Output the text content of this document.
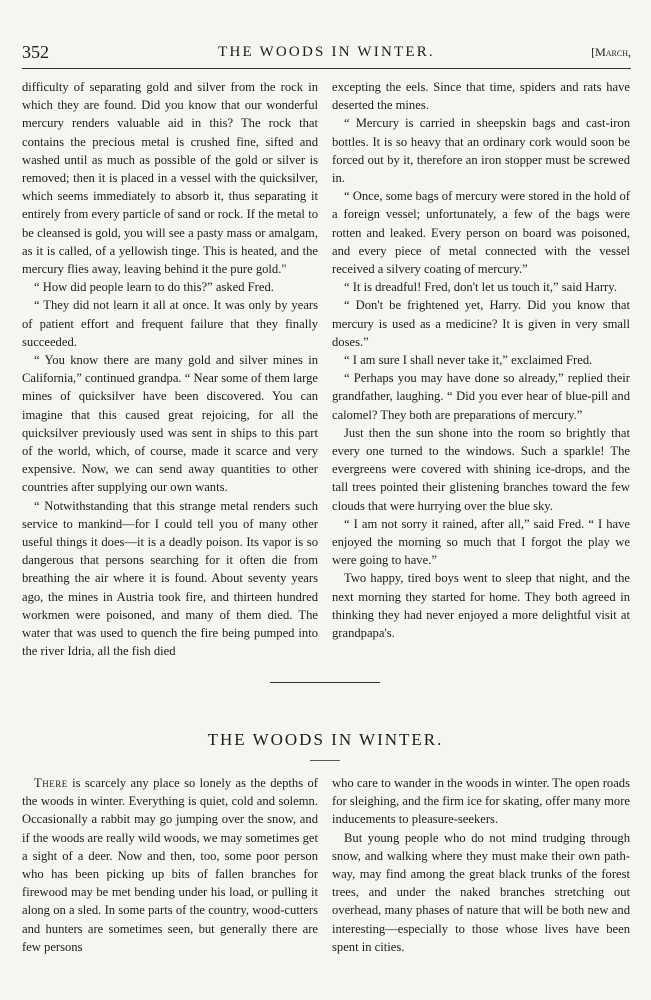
352	THE WOODS IN WINTER.	[March,

difficulty of separating gold and silver from the rock in which they are found. Did you know that our wonderful mercury renders valuable aid in this? The rock that contains the precious metal is crushed fine, sifted and washed until as much as possible of the gold or silver is removed; then it is placed in a vessel with the quicksilver, which seems immediately to absorb it, thus separating it entirely from every particle of sand or rock. If the metal to be cleansed is gold, you will see a pasty mass or amalgam, as it is called, of a yellowish tinge. This is heated, and the mercury flies away, leaving behind it the pure gold."

“ How did people learn to do this?” asked Fred.

“ They did not learn it all at once. It was only by years of patient effort and frequent failure that they finally succeeded.

“ You know there are many gold and silver mines in California,” continued grandpa. “ Near some of them large mines of quicksilver have been discovered. You can imagine that this caused great rejoicing, for all the quicksilver previously used was sent in ships to this part of the world, which, of course, made it scarce and very expensive. Now, we can send away quantities to other countries after supplying our own wants.

“ Notwithstanding that this strange metal renders such service to mankind—for I could tell you of many other useful things it does—it is a deadly poison. Its vapor is so dangerous that persons searching for it often die from breathing the air where it is found. About seventy years ago, the mines in Austria took fire, and thirteen hundred workmen were poisoned, and many of them died. The water that was used to quench the fire being pumped into the river Idria, all the fish died

excepting the eels. Since that time, spiders and rats have deserted the mines.

“ Mercury is carried in sheepskin bags and cast-iron bottles. It is so heavy that an ordinary cork would soon be forced out by it, therefore an iron stopper must be screwed in.

“ Once, some bags of mercury were stored in the hold of a foreign vessel; unfortunately, a few of the bags were rotten and leaked. Every person on board was poisoned, and every piece of metal connected with the vessel received a silvery coating of mercury.”

“ It is dreadful! Fred, don't let us touch it,” said Harry.

“ Don't be frightened yet, Harry. Did you know that mercury is used as a medicine? It is given in very small doses.”

“ I am sure I shall never take it,” exclaimed Fred.

“ Perhaps you may have done so already,” replied their grandfather, laughing. “ Did you ever hear of blue-pill and calomel? They both are preparations of mercury.”

Just then the sun shone into the room so brightly that every one turned to the windows. Such a sparkle! The evergreens were covered with shining ice-drops, and the tall trees pointed their glistening branches toward the few clouds that were hurrying over the blue sky.

“ I am not sorry it rained, after all,” said Fred. “ I have enjoyed the morning so much that I forgot the play we were going to have.”

Two happy, tired boys went to sleep that night, and the next morning they started for home. They both agreed in thinking they had never enjoyed a more delightful visit at grandpapa's.

THE WOODS IN WINTER.

There is scarcely any place so lonely as the depths of the woods in winter. Everything is quiet, cold and solemn. Occasionally a rabbit may go jumping over the snow, and if the woods are really wild woods, we may sometimes get a sight of a deer. Now and then, too, some poor person who has been picking up bits of fallen branches for firewood may be met bending under his load, or pulling it along on a sled. In some parts of the country, wood-cutters and hunters are sometimes seen, but generally there are few persons

who care to wander in the woods in winter. The open roads for sleighing, and the firm ice for skating, offer many more inducements to pleasure-seekers.

But young people who do not mind trudging through snow, and walking where they must make their own path-way, may find among the great black trunks of the forest trees, and under the naked branches stretching out overhead, many phases of nature that will be both new and interesting—especially to those whose lives have been spent in cities.
